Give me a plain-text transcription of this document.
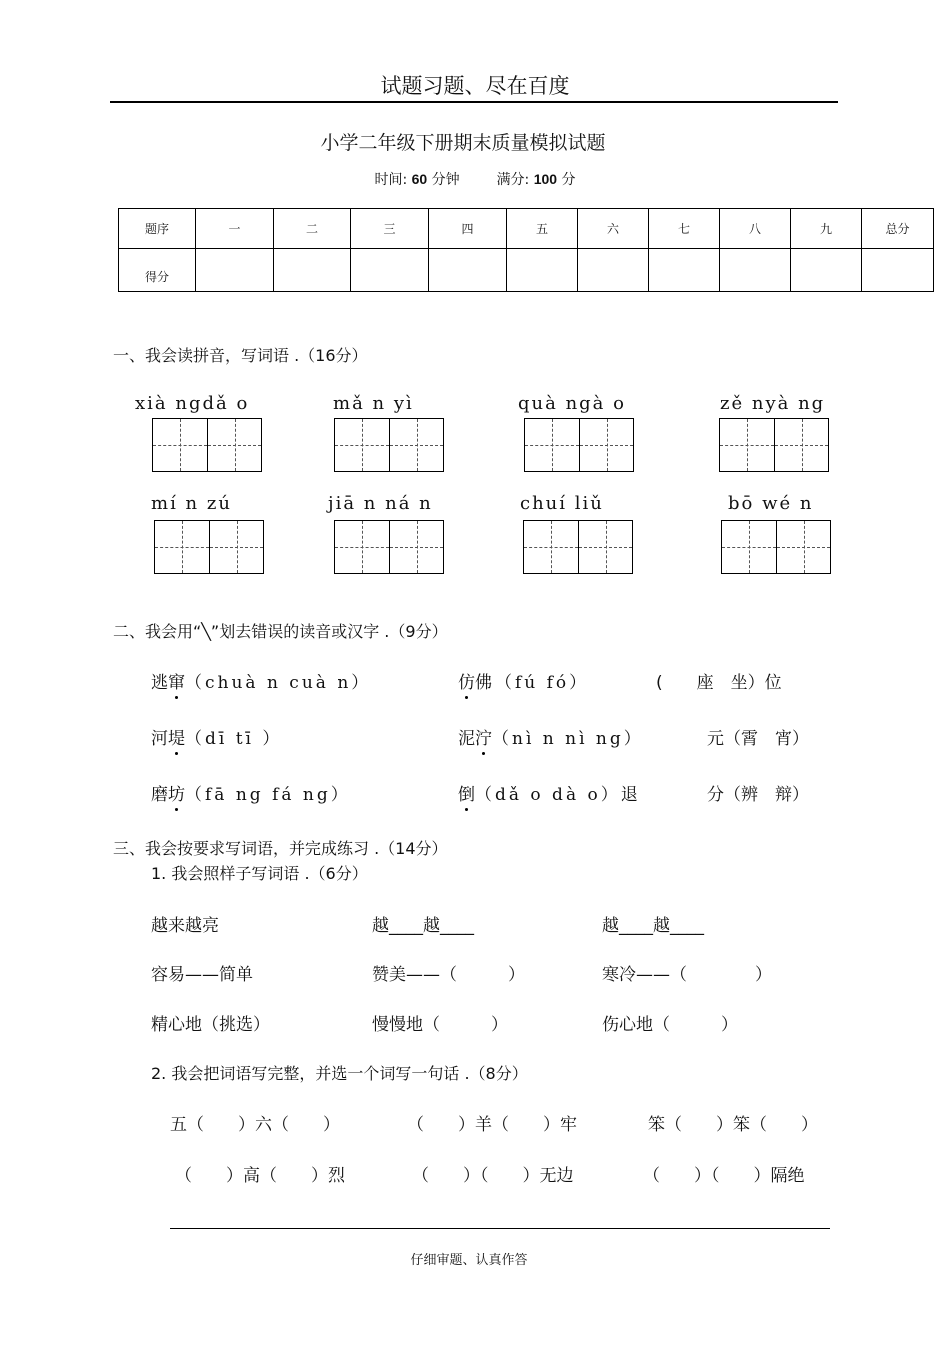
试题习题、尽在百度
小学二年级下册期末质量模拟试题
时间: 60 分钟	满分: 100 分
题序	一	二	三	四	五	六	七	八	九	总分

得分										

一、我会读拼音，写词语 .（16分）
xià ngdǎ o	mǎ n yì	quà ngà o	zě nyà ng
mí n zú	jiā n ná n	chuí liǔ	bō wé n
二、我会用“╲”划去错误的读音或汉字 .（9分）
逃窜（chuà n cuà n）	仿佛（fú fó）	(　　座　坐）位
河堤（dī tī ）	泥泞（nì n nì ng）	元（霄　宵）
磨坊（fā ng fá ng）	倒（dǎ o dà o）退	分（辨　辩）
三、我会按要求写词语，并完成练习 .（14分）
1. 我会照样子写词语 .（6分）
越来越亮	越____越____	越____越____
容易——简单	赞美——（　　　）	寒冷——（　　　　）
精心地（挑选）	慢慢地（　　　）	伤心地（　　　）
2. 我会把词语写完整，并选一个词写一句话 .（8分）
五（　　）六（　　）	（　　）羊（　　）牢	笨（　　）笨（　　）
（　　）高（　　）烈	（　　）（　　）无边	（　　）（　　）隔绝
仔细审题、认真作答
